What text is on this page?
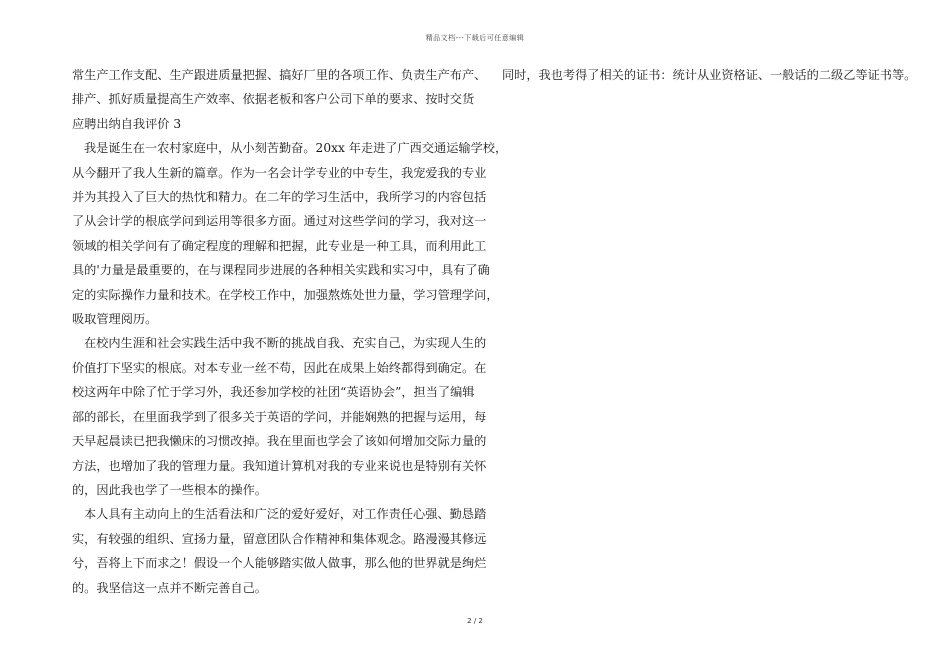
精品文档---下载后可任意编辑
常生产工作支配、生产跟进质量把握、搞好厂里的各项工作、负责生产布产、
排产、抓好质量提高生产效率、依据老板和客户公司下单的要求、按时交货
应聘出纳自我评价 3
我是诞生在一农村家庭中，从小刻苦勤奋。20xx 年走进了广西交通运输学校，
从今翻开了我人生新的篇章。作为一名会计学专业的中专生，我宠爱我的专业
并为其投入了巨大的热忱和精力。在二年的学习生活中，我所学习的内容包括
了从会计学的根底学问到运用等很多方面。通过对这些学问的学习，我对这一
领域的相关学问有了确定程度的理解和把握，此专业是一种工具，而利用此工
具的'力量是最重要的，在与课程同步进展的各种相关实践和实习中，具有了确
定的实际操作力量和技术。在学校工作中，加强熬炼处世力量，学习管理学问，
吸取管理阅历。
在校内生涯和社会实践生活中我不断的挑战自我、充实自己，为实现人生的
价值打下坚实的根底。对本专业一丝不苟，因此在成果上始终都得到确定。在
校这两年中除了忙于学习外，我还参加学校的社团“英语协会”，担当了编辑
部的部长，在里面我学到了很多关于英语的学问，并能娴熟的把握与运用，每
天早起晨读已把我懒床的习惯改掉。我在里面也学会了该如何增加交际力量的
方法，也增加了我的管理力量。我知道计算机对我的专业来说也是特别有关怀
的，因此我也学了一些根本的操作。
本人具有主动向上的生活看法和广泛的爱好爱好，对工作责任心强、勤恳踏
实，有较强的组织、宣扬力量，留意团队合作精神和集体观念。路漫漫其修远
兮，吾将上下而求之！假设一个人能够踏实做人做事，那么他的世界就是绚烂
的。我坚信这一点并不断完善自己。
同时，我也考得了相关的证书：统计从业资格证、一般话的二级乙等证书等。
2 / 2
